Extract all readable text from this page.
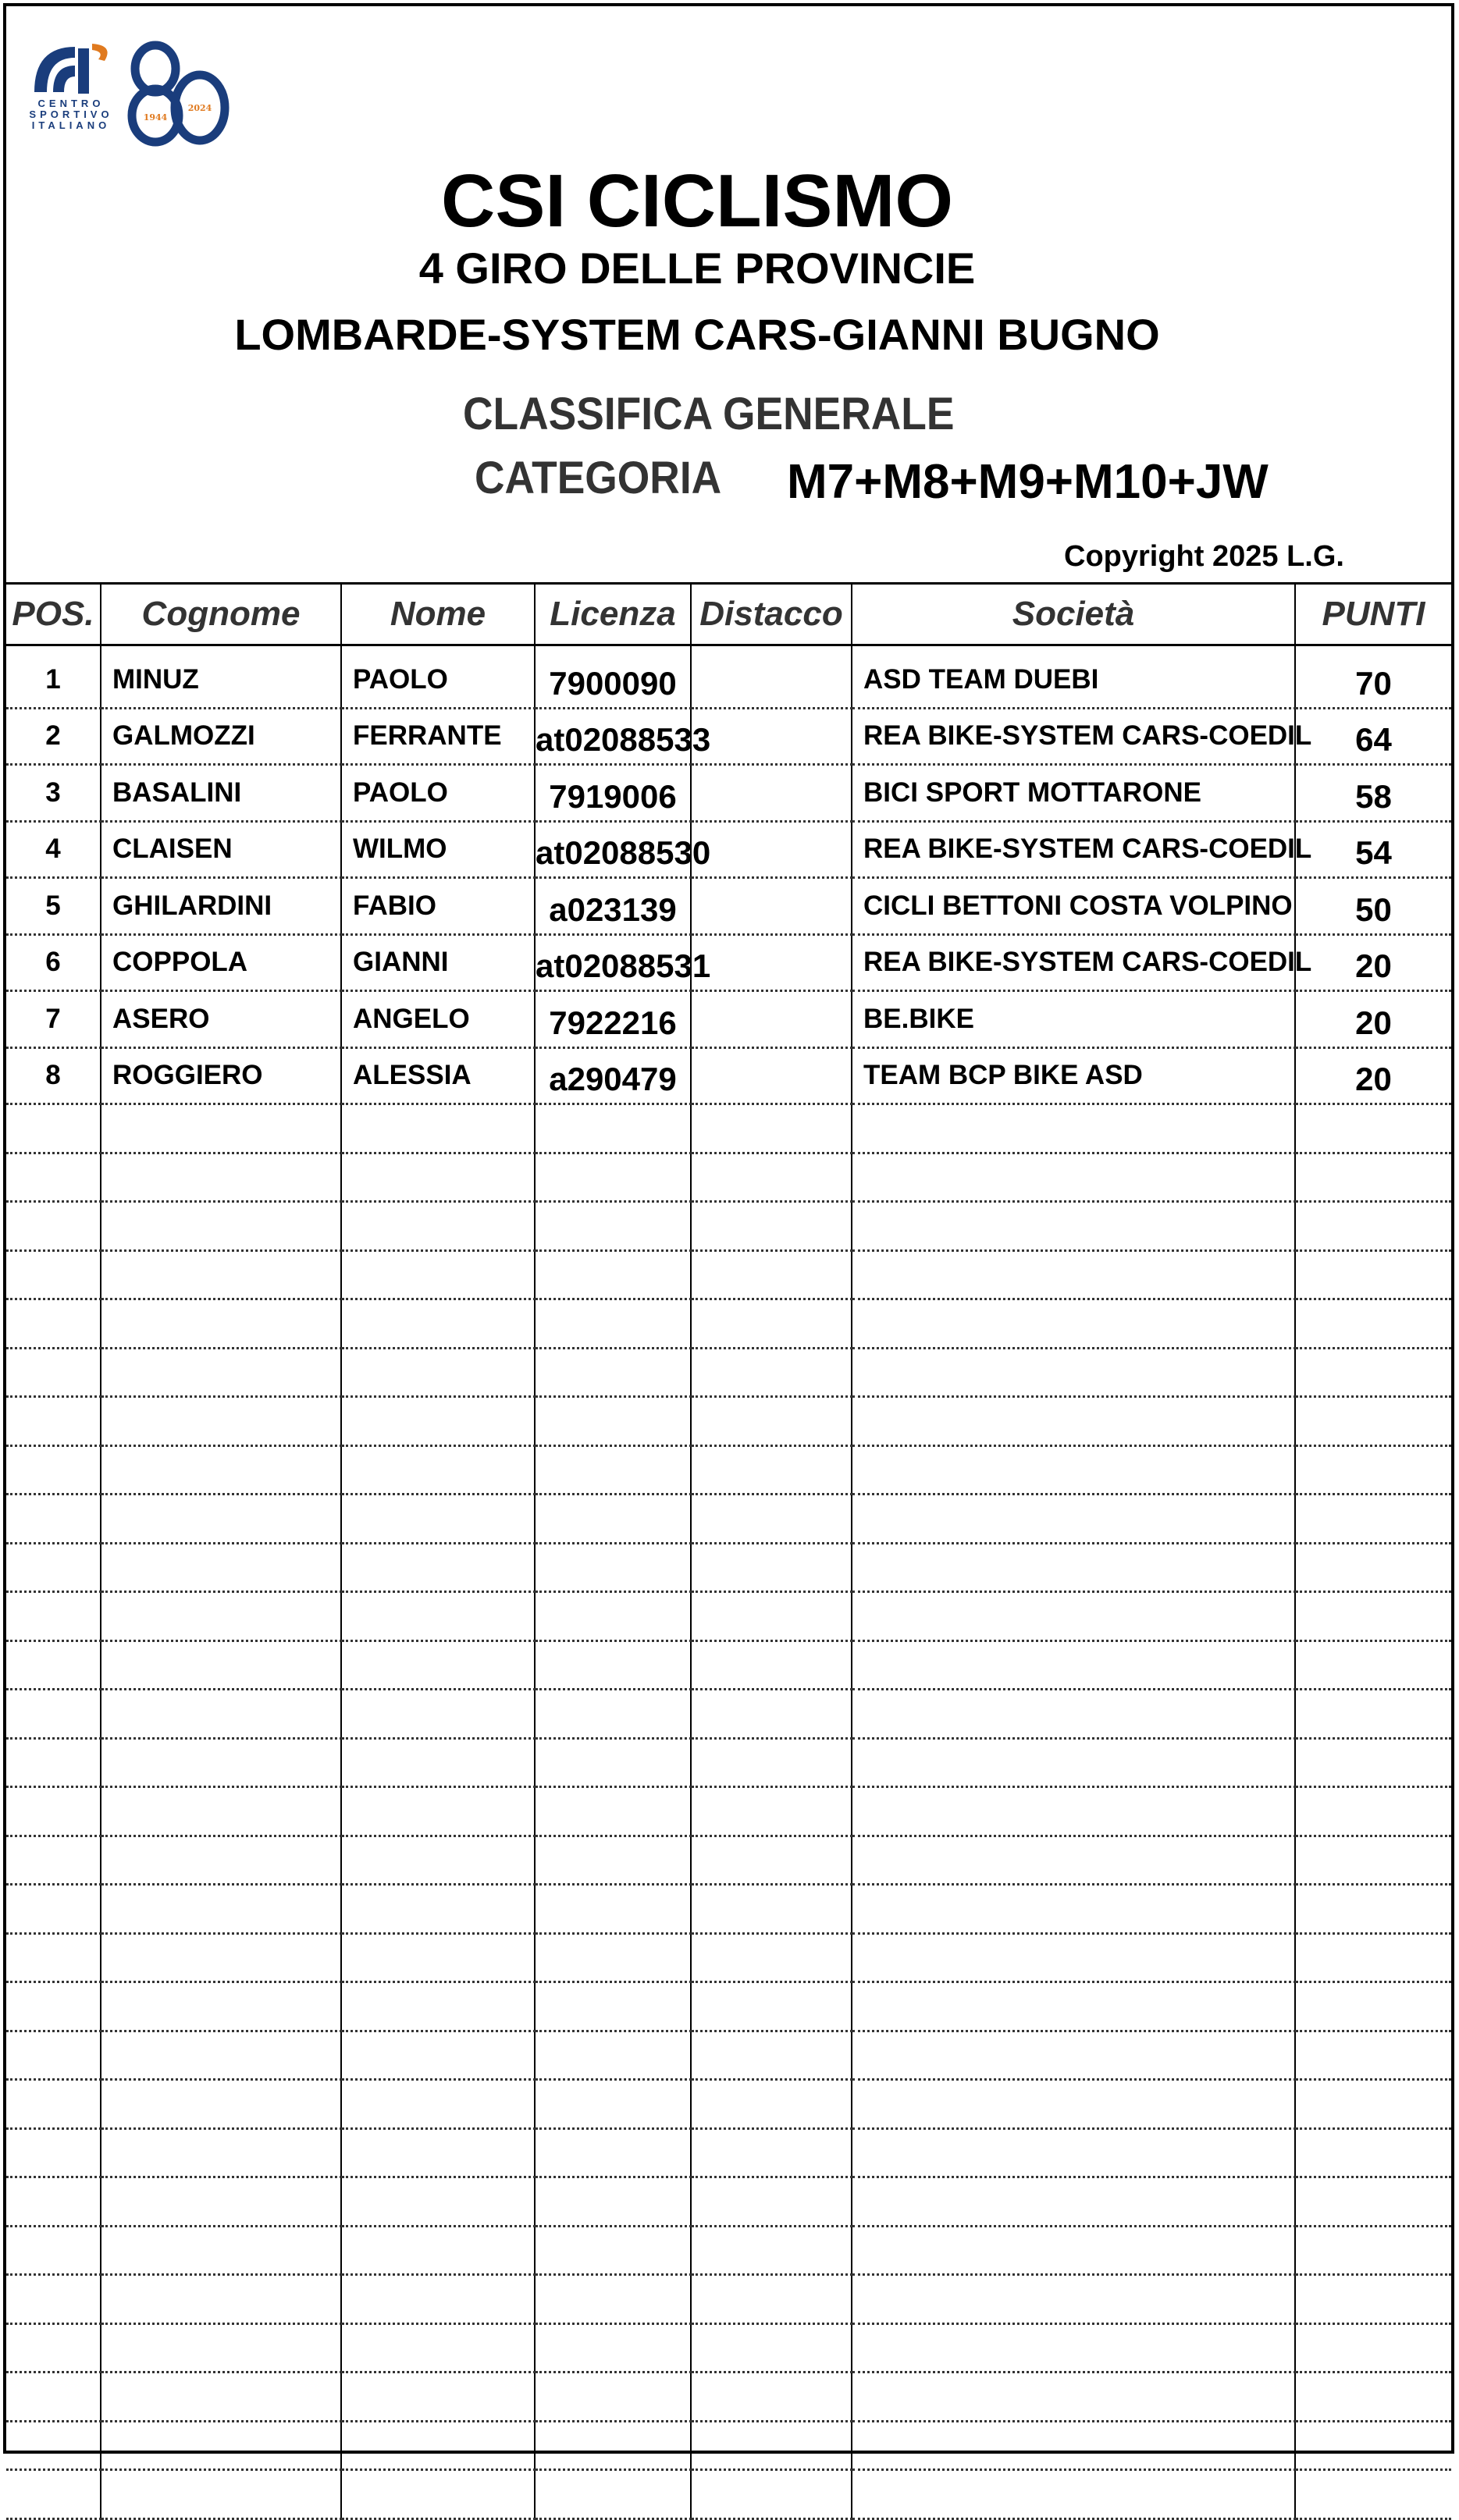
1944
2024
CENTRO SPORTIVO ITALIANO
CSI CICLISMO
4 GIRO DELLE PROVINCIE
LOMBARDE-SYSTEM CARS-GIANNI BUGNO
CLASSIFICA GENERALE
CATEGORIA M7+M8+M9+M10+JW
Copyright 2025 L.G.
POS.	Cognome	Nome	Licenza	Distacco	Società	PUNTI

1	MINUZ	PAOLO	7900090		ASD TEAM DUEBI	70
2	GALMOZZI	FERRANTE	at02088533		REA BIKE-SYSTEM CARS-COEDIL	64
3	BASALINI	PAOLO	7919006		BICI SPORT MOTTARONE	58
4	CLAISEN	WILMO	at02088530		REA BIKE-SYSTEM CARS-COEDIL	54
5	GHILARDINI	FABIO	a023139		CICLI BETTONI COSTA VOLPINO	50
6	COPPOLA	GIANNI	at02088531		REA BIKE-SYSTEM CARS-COEDIL	20
7	ASERO	ANGELO	7922216		BE.BIKE	20
8	ROGGIERO	ALESSIA	a290479		TEAM BCP BIKE ASD	20
